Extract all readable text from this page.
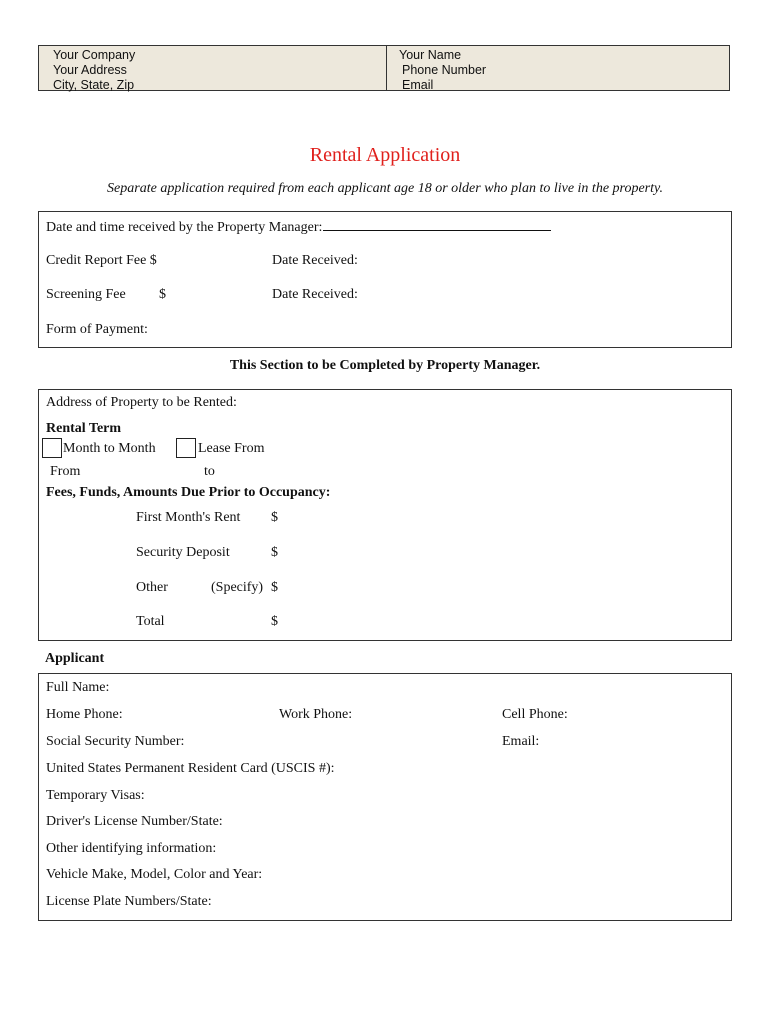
Your Company
Your Address
City, State, Zip
Your Name
Phone Number
Email
Rental Application
Separate application required from each applicant age 18 or older who plan to live in the property.
Date and time received by the Property Manager:
Credit Report Fee $	Date Received:
Screening Fee $	Date Received:
Form of Payment:
This Section to be Completed by Property Manager.
Address of Property to be Rented:
Rental Term
Month to Month	Lease From
From	to
Fees, Funds, Amounts Due Prior to Occupancy:
First Month's Rent $
Security Deposit	$
Other	(Specify) $
Total	$
Applicant
Full Name:
Home Phone:	Work Phone:	Cell Phone:
Social Security Number:	Email:
United States Permanent Resident Card (USCIS #):
Temporary Visas:
Driver's License Number/State:
Other identifying information:
Vehicle Make, Model, Color and Year:
License Plate Numbers/State:
